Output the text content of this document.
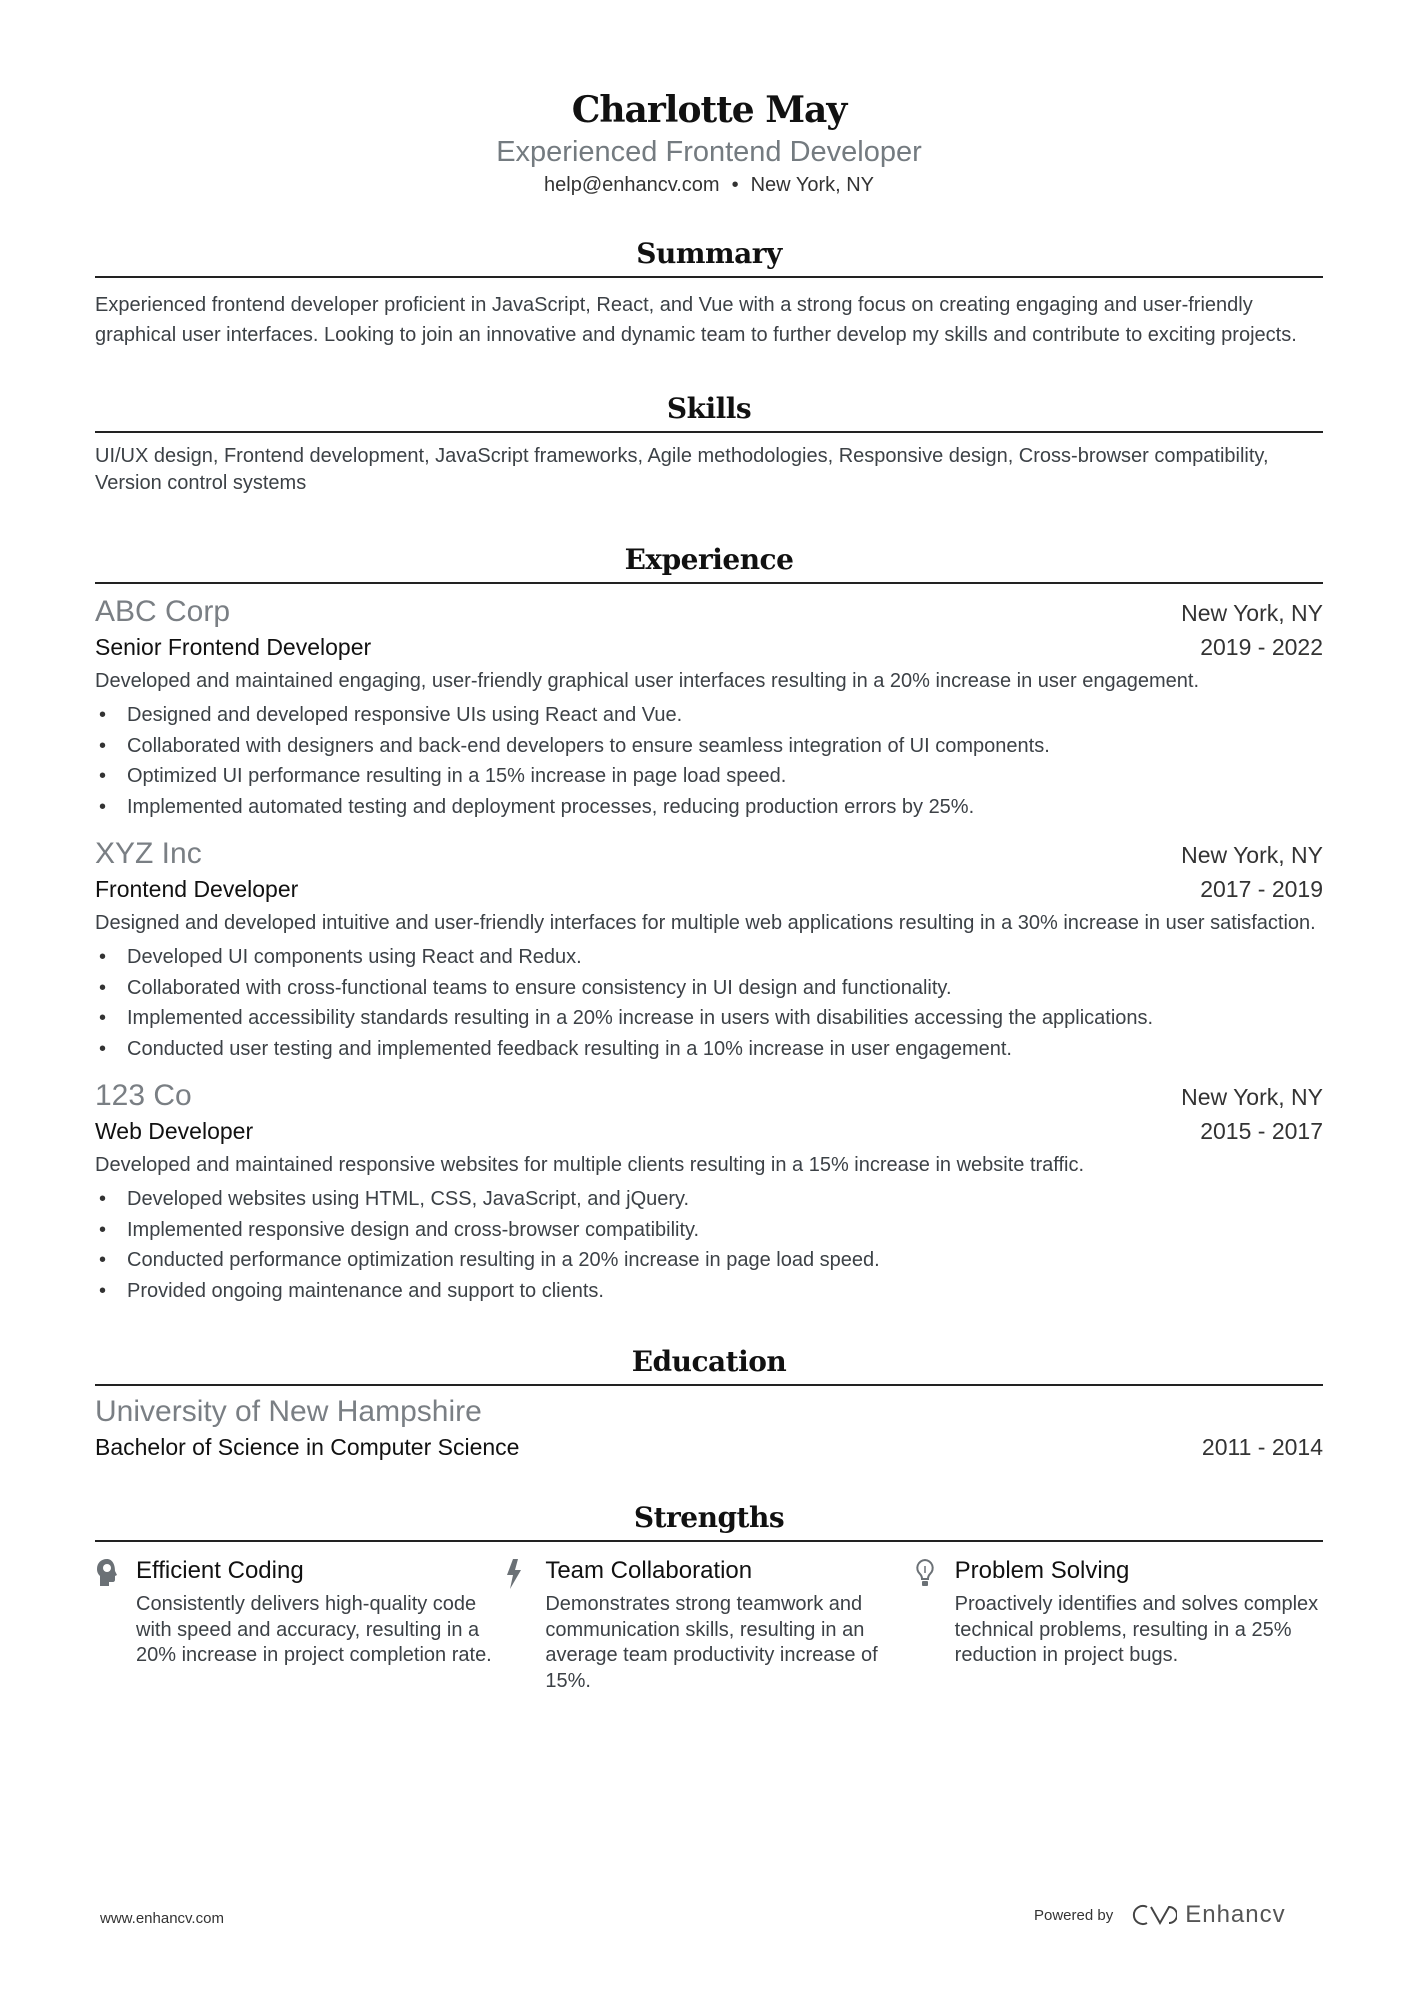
Charlotte May
Experienced Frontend Developer
help@enhancv.com • New York, NY
Summary
Experienced frontend developer proficient in JavaScript, React, and Vue with a strong focus on creating engaging and user-friendly graphical user interfaces. Looking to join an innovative and dynamic team to further develop my skills and contribute to exciting projects.
Skills
UI/UX design, Frontend development, JavaScript frameworks, Agile methodologies, Responsive design, Cross-browser compatibility, Version control systems
Experience
ABC Corp	New York, NY
Senior Frontend Developer	2019 - 2022
Developed and maintained engaging, user-friendly graphical user interfaces resulting in a 20% increase in user engagement.
• Designed and developed responsive UIs using React and Vue.
• Collaborated with designers and back-end developers to ensure seamless integration of UI components.
• Optimized UI performance resulting in a 15% increase in page load speed.
• Implemented automated testing and deployment processes, reducing production errors by 25%.
XYZ Inc	New York, NY
Frontend Developer	2017 - 2019
Designed and developed intuitive and user-friendly interfaces for multiple web applications resulting in a 30% increase in user satisfaction.
• Developed UI components using React and Redux.
• Collaborated with cross-functional teams to ensure consistency in UI design and functionality.
• Implemented accessibility standards resulting in a 20% increase in users with disabilities accessing the applications.
• Conducted user testing and implemented feedback resulting in a 10% increase in user engagement.
123 Co	New York, NY
Web Developer	2015 - 2017
Developed and maintained responsive websites for multiple clients resulting in a 15% increase in website traffic.
• Developed websites using HTML, CSS, JavaScript, and jQuery.
• Implemented responsive design and cross-browser compatibility.
• Conducted performance optimization resulting in a 20% increase in page load speed.
• Provided ongoing maintenance and support to clients.
Education
University of New Hampshire
Bachelor of Science in Computer Science	2011 - 2014
Strengths
Efficient Coding
Consistently delivers high-quality code with speed and accuracy, resulting in a 20% increase in project completion rate.
Team Collaboration
Demonstrates strong teamwork and communication skills, resulting in an average team productivity increase of 15%.
Problem Solving
Proactively identifies and solves complex technical problems, resulting in a 25% reduction in project bugs.
www.enhancv.com	Powered by	Enhancv
